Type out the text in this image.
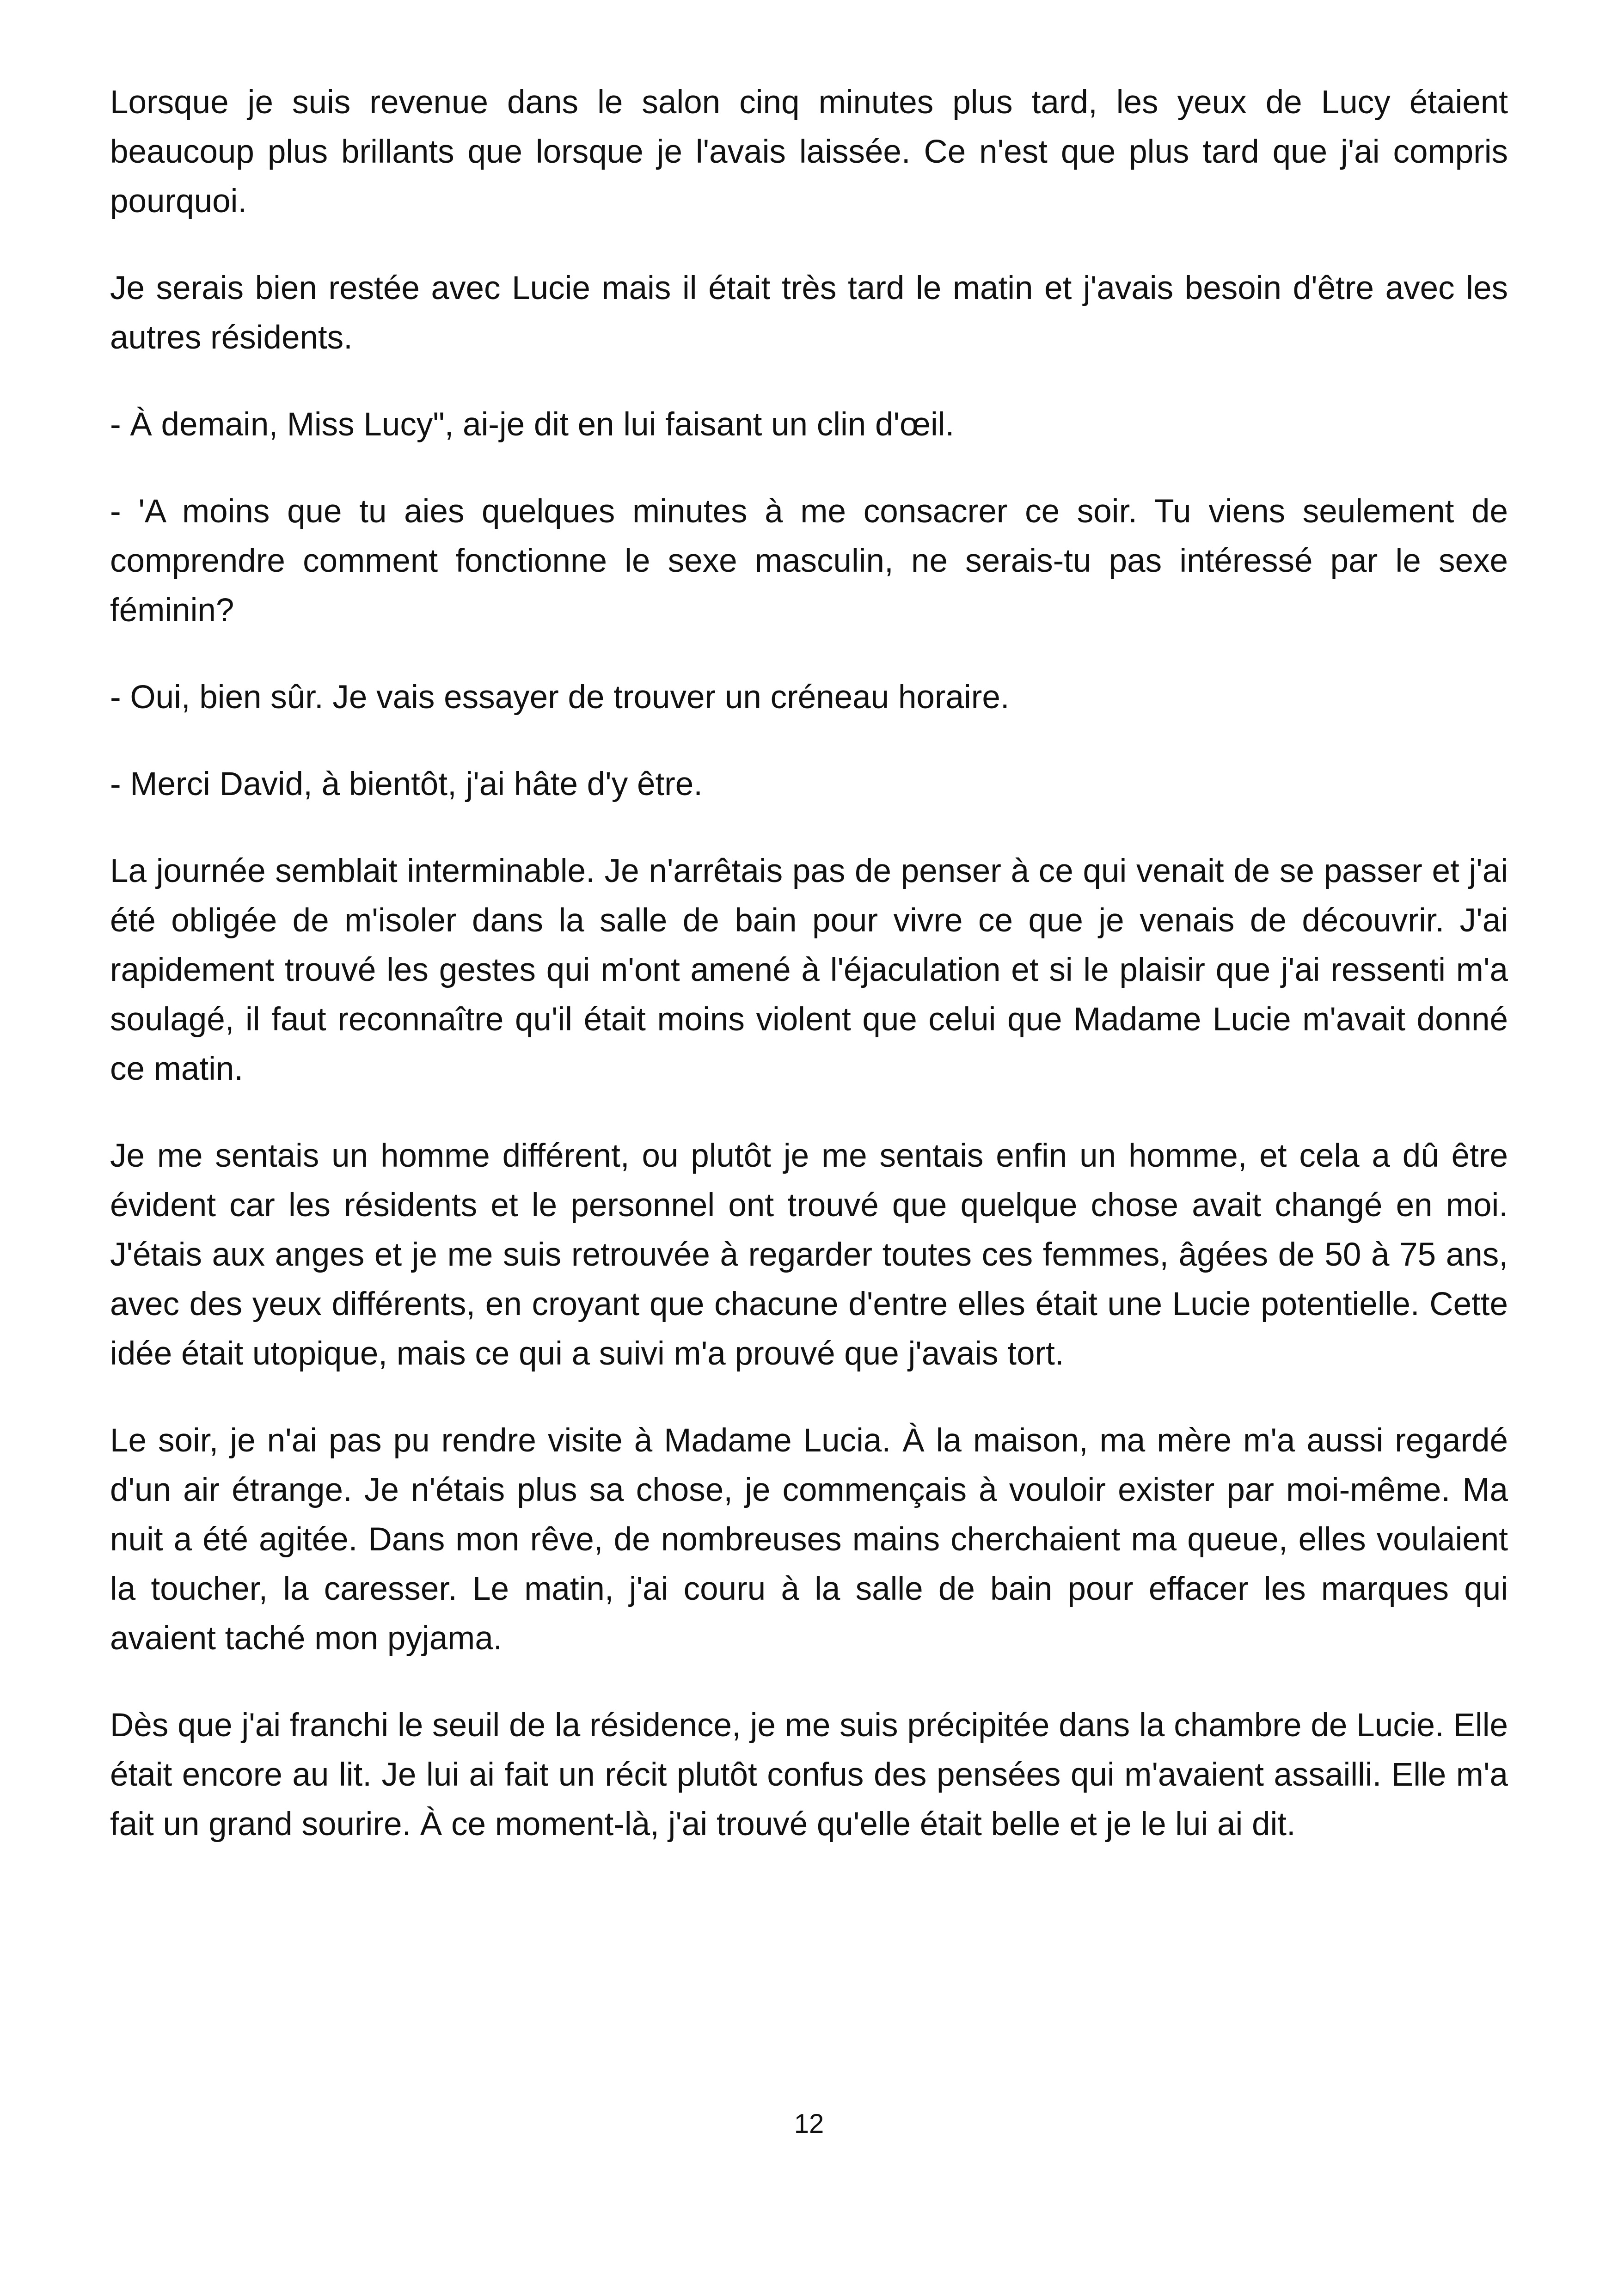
Lorsque je suis revenue dans le salon cinq minutes plus tard, les yeux de Lucy étaient beaucoup plus brillants que lorsque je l'avais laissée. Ce n'est que plus tard que j'ai compris pourquoi.

Je serais bien restée avec Lucie mais il était très tard le matin et j'avais besoin d'être avec les autres résidents.

- À demain, Miss Lucy", ai-je dit en lui faisant un clin d'œil.

- 'A moins que tu aies quelques minutes à me consacrer ce soir. Tu viens seulement de comprendre comment fonctionne le sexe masculin, ne serais-tu pas intéressé par le sexe féminin?

- Oui, bien sûr. Je vais essayer de trouver un créneau horaire.

- Merci David, à bientôt, j'ai hâte d'y être.

La journée semblait interminable. Je n'arrêtais pas de penser à ce qui venait de se passer et j'ai été obligée de m'isoler dans la salle de bain pour vivre ce que je venais de découvrir. J'ai rapidement trouvé les gestes qui m'ont amené à l'éjaculation et si le plaisir que j'ai ressenti m'a soulagé, il faut reconnaître qu'il était moins violent que celui que Madame Lucie m'avait donné ce matin.

Je me sentais un homme différent, ou plutôt je me sentais enfin un homme, et cela a dû être évident car les résidents et le personnel ont trouvé que quelque chose avait changé en moi. J'étais aux anges et je me suis retrouvée à regarder toutes ces femmes, âgées de 50 à 75 ans, avec des yeux différents, en croyant que chacune d'entre elles était une Lucie potentielle. Cette idée était utopique, mais ce qui a suivi m'a prouvé que j'avais tort.

Le soir, je n'ai pas pu rendre visite à Madame Lucia. À la maison, ma mère m'a aussi regardé d'un air étrange. Je n'étais plus sa chose, je commençais à vouloir exister par moi-même. Ma nuit a été agitée. Dans mon rêve, de nombreuses mains cherchaient ma queue, elles voulaient la toucher, la caresser. Le matin, j'ai couru à la salle de bain pour effacer les marques qui avaient taché mon pyjama.

Dès que j'ai franchi le seuil de la résidence, je me suis précipitée dans la chambre de Lucie. Elle était encore au lit. Je lui ai fait un récit plutôt confus des pensées qui m'avaient assailli. Elle m'a fait un grand sourire. À ce moment-là, j'ai trouvé qu'elle était belle et je le lui ai dit.

12
